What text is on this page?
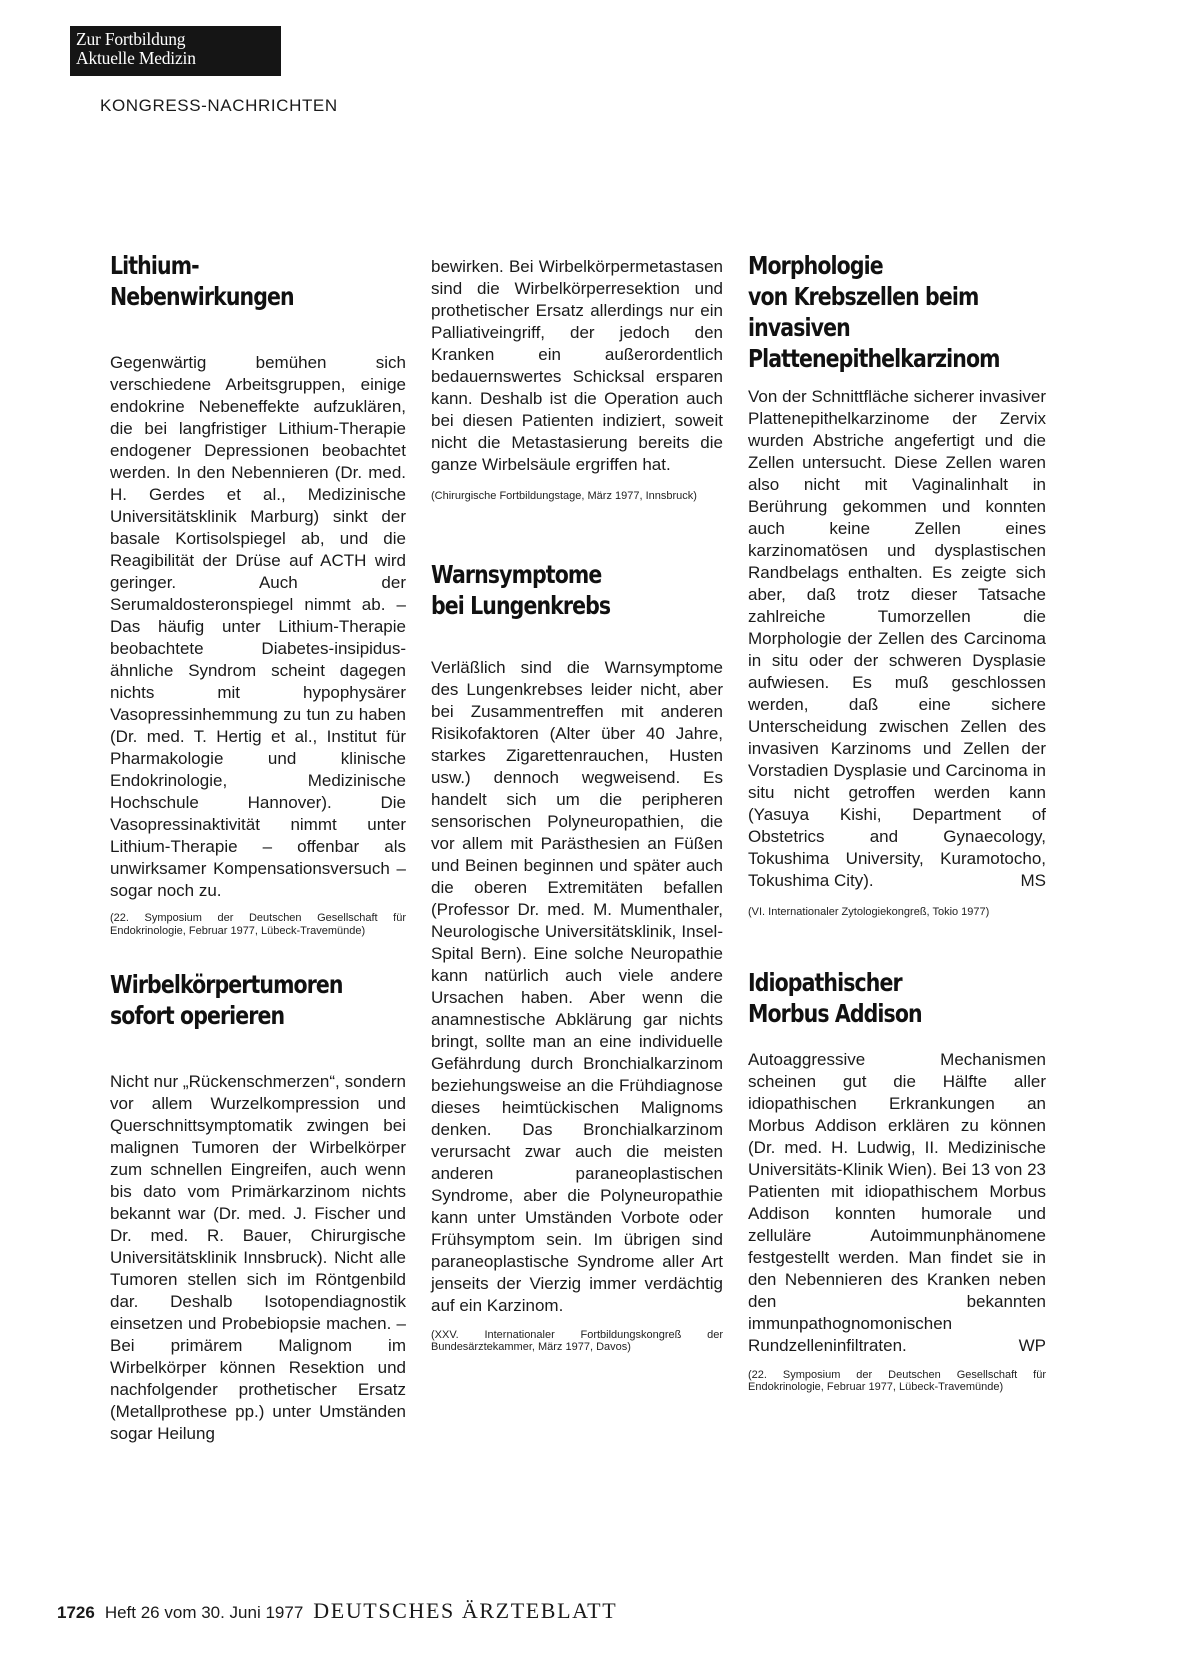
Zur Fortbildung
Aktuelle Medizin
KONGRESS-NACHRICHTEN
Lithium-
Nebenwirkungen

Gegenwärtig bemühen sich verschiedene Arbeitsgruppen, einige endokrine Nebeneffekte aufzuklären, die bei langfristiger Lithium-Therapie endogener Depressionen beobachtet werden. In den Nebennieren (Dr. med. H. Gerdes et al., Medizinische Universitätsklinik Marburg) sinkt der basale Kortisolspiegel ab, und die Reagibilität der Drüse auf ACTH wird geringer. Auch der Serumaldosteronspiegel nimmt ab. – Das häufig unter Lithium-Therapie beobachtete Diabetes-insipidus-ähnliche Syndrom scheint dagegen nichts mit hypophysärer Vasopressinhemmung zu tun zu haben (Dr. med. T. Hertig et al., Institut für Pharmakologie und klinische Endokrinologie, Medizinische Hochschule Hannover). Die Vasopressinaktivität nimmt unter Lithium-Therapie – offenbar als unwirksamer Kompensationsversuch – sogar noch zu.

(22. Symposium der Deutschen Gesellschaft für Endokrinologie, Februar 1977, Lübeck-Travemünde)

Wirbelkörpertumoren
sofort operieren

Nicht nur „Rückenschmerzen“, sondern vor allem Wurzelkompression und Querschnittsymptomatik zwingen bei malignen Tumoren der Wirbelkörper zum schnellen Eingreifen, auch wenn bis dato vom Primärkarzinom nichts bekannt war (Dr. med. J. Fischer und Dr. med. R. Bauer, Chirurgische Universitätsklinik Innsbruck). Nicht alle Tumoren stellen sich im Röntgenbild dar. Deshalb Isotopendiagnostik einsetzen und Probebiopsie machen. – Bei primärem Malignom im Wirbelkörper können Resektion und nachfolgender prothetischer Ersatz (Metallprothese pp.) unter Umständen sogar Heilung

bewirken. Bei Wirbelkörpermetastasen sind die Wirbelkörperresektion und prothetischer Ersatz allerdings nur ein Palliativeingriff, der jedoch den Kranken ein außerordentlich bedauernswertes Schicksal ersparen kann. Deshalb ist die Operation auch bei diesen Patienten indiziert, soweit nicht die Metastasierung bereits die ganze Wirbelsäule ergriffen hat.

(Chirurgische Fortbildungstage, März 1977, Innsbruck)

Warnsymptome
bei Lungenkrebs

Verläßlich sind die Warnsymptome des Lungenkrebses leider nicht, aber bei Zusammentreffen mit anderen Risikofaktoren (Alter über 40 Jahre, starkes Zigarettenrauchen, Husten usw.) dennoch wegweisend. Es handelt sich um die peripheren sensorischen Polyneuropathien, die vor allem mit Parästhesien an Füßen und Beinen beginnen und später auch die oberen Extremitäten befallen (Professor Dr. med. M. Mumenthaler, Neurologische Universitätsklinik, Insel-Spital Bern). Eine solche Neuropathie kann natürlich auch viele andere Ursachen haben. Aber wenn die anamnestische Abklärung gar nichts bringt, sollte man an eine individuelle Gefährdung durch Bronchialkarzinom beziehungsweise an die Frühdiagnose dieses heimtückischen Malignoms denken. Das Bronchialkarzinom verursacht zwar auch die meisten anderen paraneoplastischen Syndrome, aber die Polyneuropathie kann unter Umständen Vorbote oder Frühsymptom sein. Im übrigen sind paraneoplastische Syndrome aller Art jenseits der Vierzig immer verdächtig auf ein Karzinom.

(XXV. Internationaler Fortbildungskongreß der Bundesärztekammer, März 1977, Davos)

Morphologie
von Krebszellen beim
invasiven
Plattenepithelkarzinom

Von der Schnittfläche sicherer invasiver Plattenepithelkarzinome der Zervix wurden Abstriche angefertigt und die Zellen untersucht. Diese Zellen waren also nicht mit Vaginalinhalt in Berührung gekommen und konnten auch keine Zellen eines karzinomatösen und dysplastischen Randbelags enthalten. Es zeigte sich aber, daß trotz dieser Tatsache zahlreiche Tumorzellen die Morphologie der Zellen des Carcinoma in situ oder der schweren Dysplasie aufwiesen. Es muß geschlossen werden, daß eine sichere Unterscheidung zwischen Zellen des invasiven Karzinoms und Zellen der Vorstadien Dysplasie und Carcinoma in situ nicht getroffen werden kann (Yasuya Kishi, Department of Obstetrics and Gynaecology, Tokushima University, Kuramotocho, Tokushima City).	MS

(VI. Internationaler Zytologiekongreß, Tokio 1977)

Idiopathischer
Morbus Addison

Autoaggressive Mechanismen scheinen gut die Hälfte aller idiopathischen Erkrankungen an Morbus Addison erklären zu können (Dr. med. H. Ludwig, II. Medizinische Universitäts-Klinik Wien). Bei 13 von 23 Patienten mit idiopathischem Morbus Addison konnten humorale und zelluläre Autoimmunphänomene festgestellt werden. Man findet sie in den Nebennieren des Kranken neben den bekannten immunpathognomonischen Rundzelleninfiltraten.	WP

(22. Symposium der Deutschen Gesellschaft für Endokrinologie, Februar 1977, Lübeck-Travemünde)

1726 Heft 26 vom 30. Juni 1977 DEUTSCHES ÄRZTEBLATT
